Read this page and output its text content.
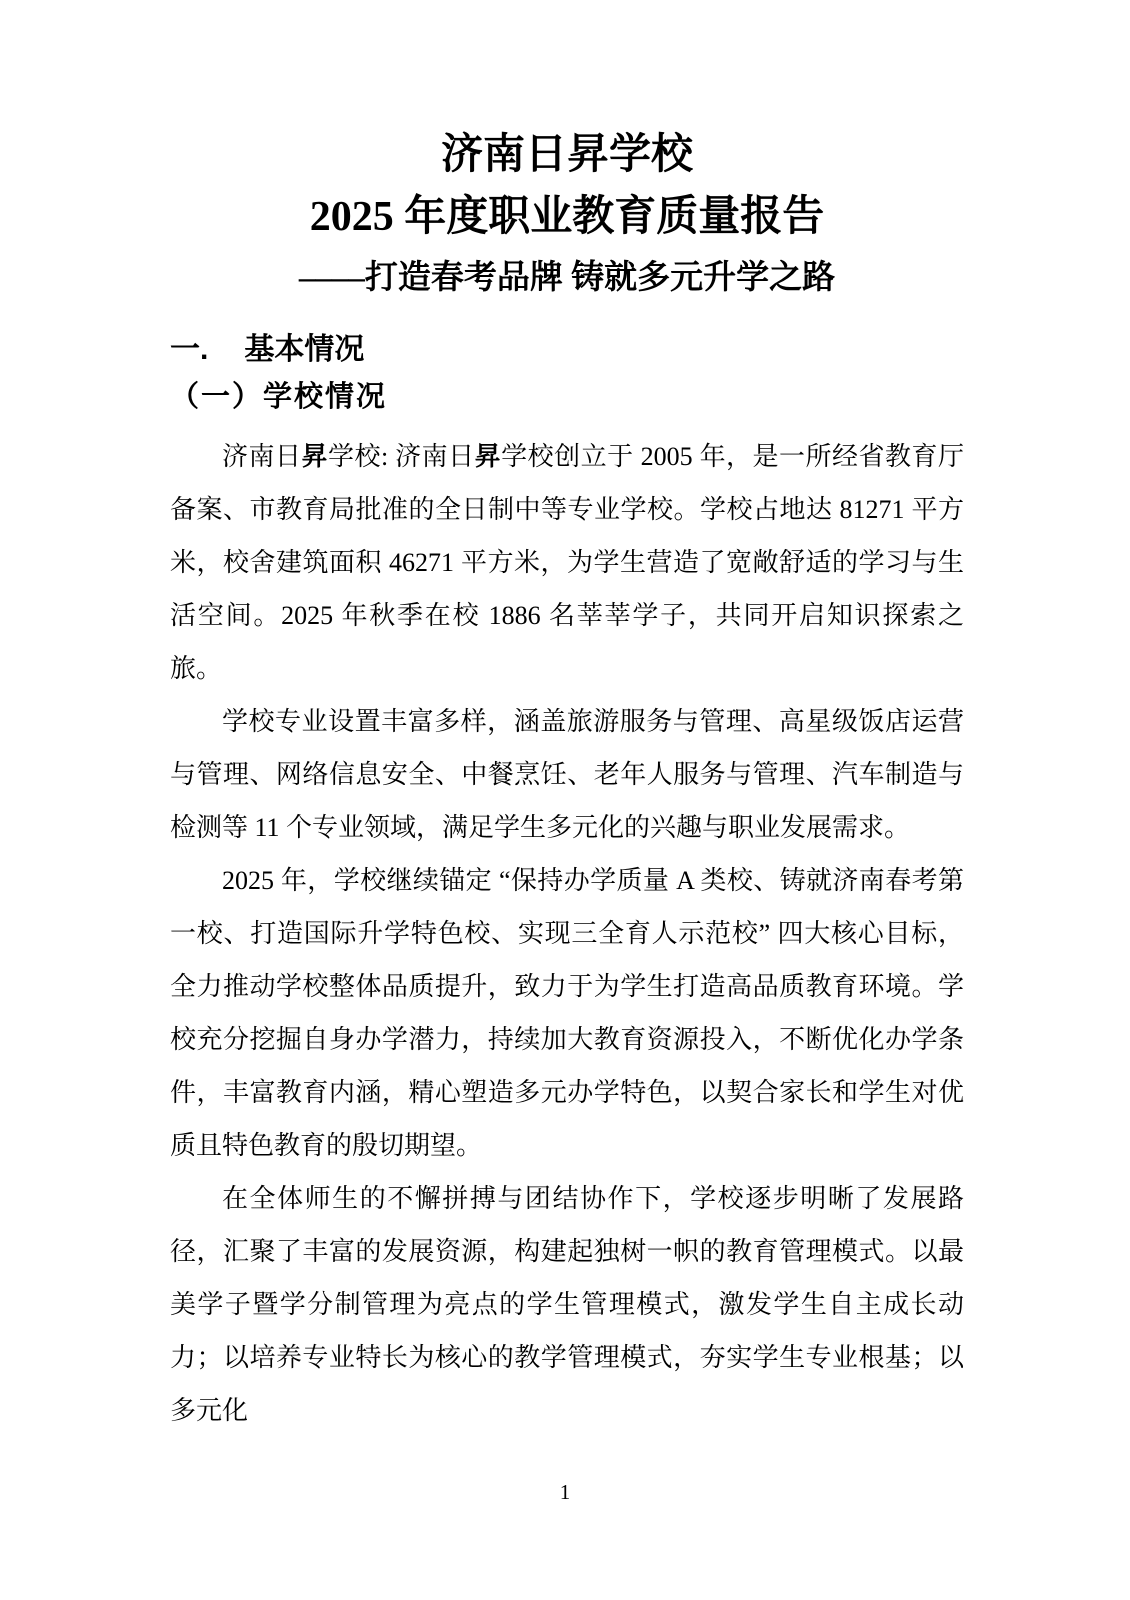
济南日昇学校
2025 年度职业教育质量报告
––––打造春考品牌 铸就多元升学之路
一. 基本情况
（一）学校情况

济南日昇学校: 济南日昇学校创立于 2005 年，是一所经省教育厅备案、市教育局批准的全日制中等专业学校。学校占地达 81271 平方米，校舍建筑面积 46271 平方米，为学生营造了宽敞舒适的学习与生活空间。2025 年秋季在校 1886 名莘莘学子，共同开启知识探索之旅。

学校专业设置丰富多样，涵盖旅游服务与管理、高星级饭店运营与管理、网络信息安全、中餐烹饪、老年人服务与管理、汽车制造与检测等 11 个专业领域，满足学生多元化的兴趣与职业发展需求。

2025 年，学校继续锚定 “保持办学质量 A 类校、铸就济南春考第一校、打造国际升学特色校、实现三全育人示范校” 四大核心目标，全力推动学校整体品质提升，致力于为学生打造高品质教育环境。学校充分挖掘自身办学潜力，持续加大教育资源投入，不断优化办学条件，丰富教育内涵，精心塑造多元办学特色，以契合家长和学生对优质且特色教育的殷切期望。

在全体师生的不懈拼搏与团结协作下，学校逐步明晰了发展路径，汇聚了丰富的发展资源，构建起独树一帜的教育管理模式。以最美学子暨学分制管理为亮点的学生管理模式，激发学生自主成长动力；以培养专业特长为核心的教学管理模式，夯实学生专业根基；以多元化

1
